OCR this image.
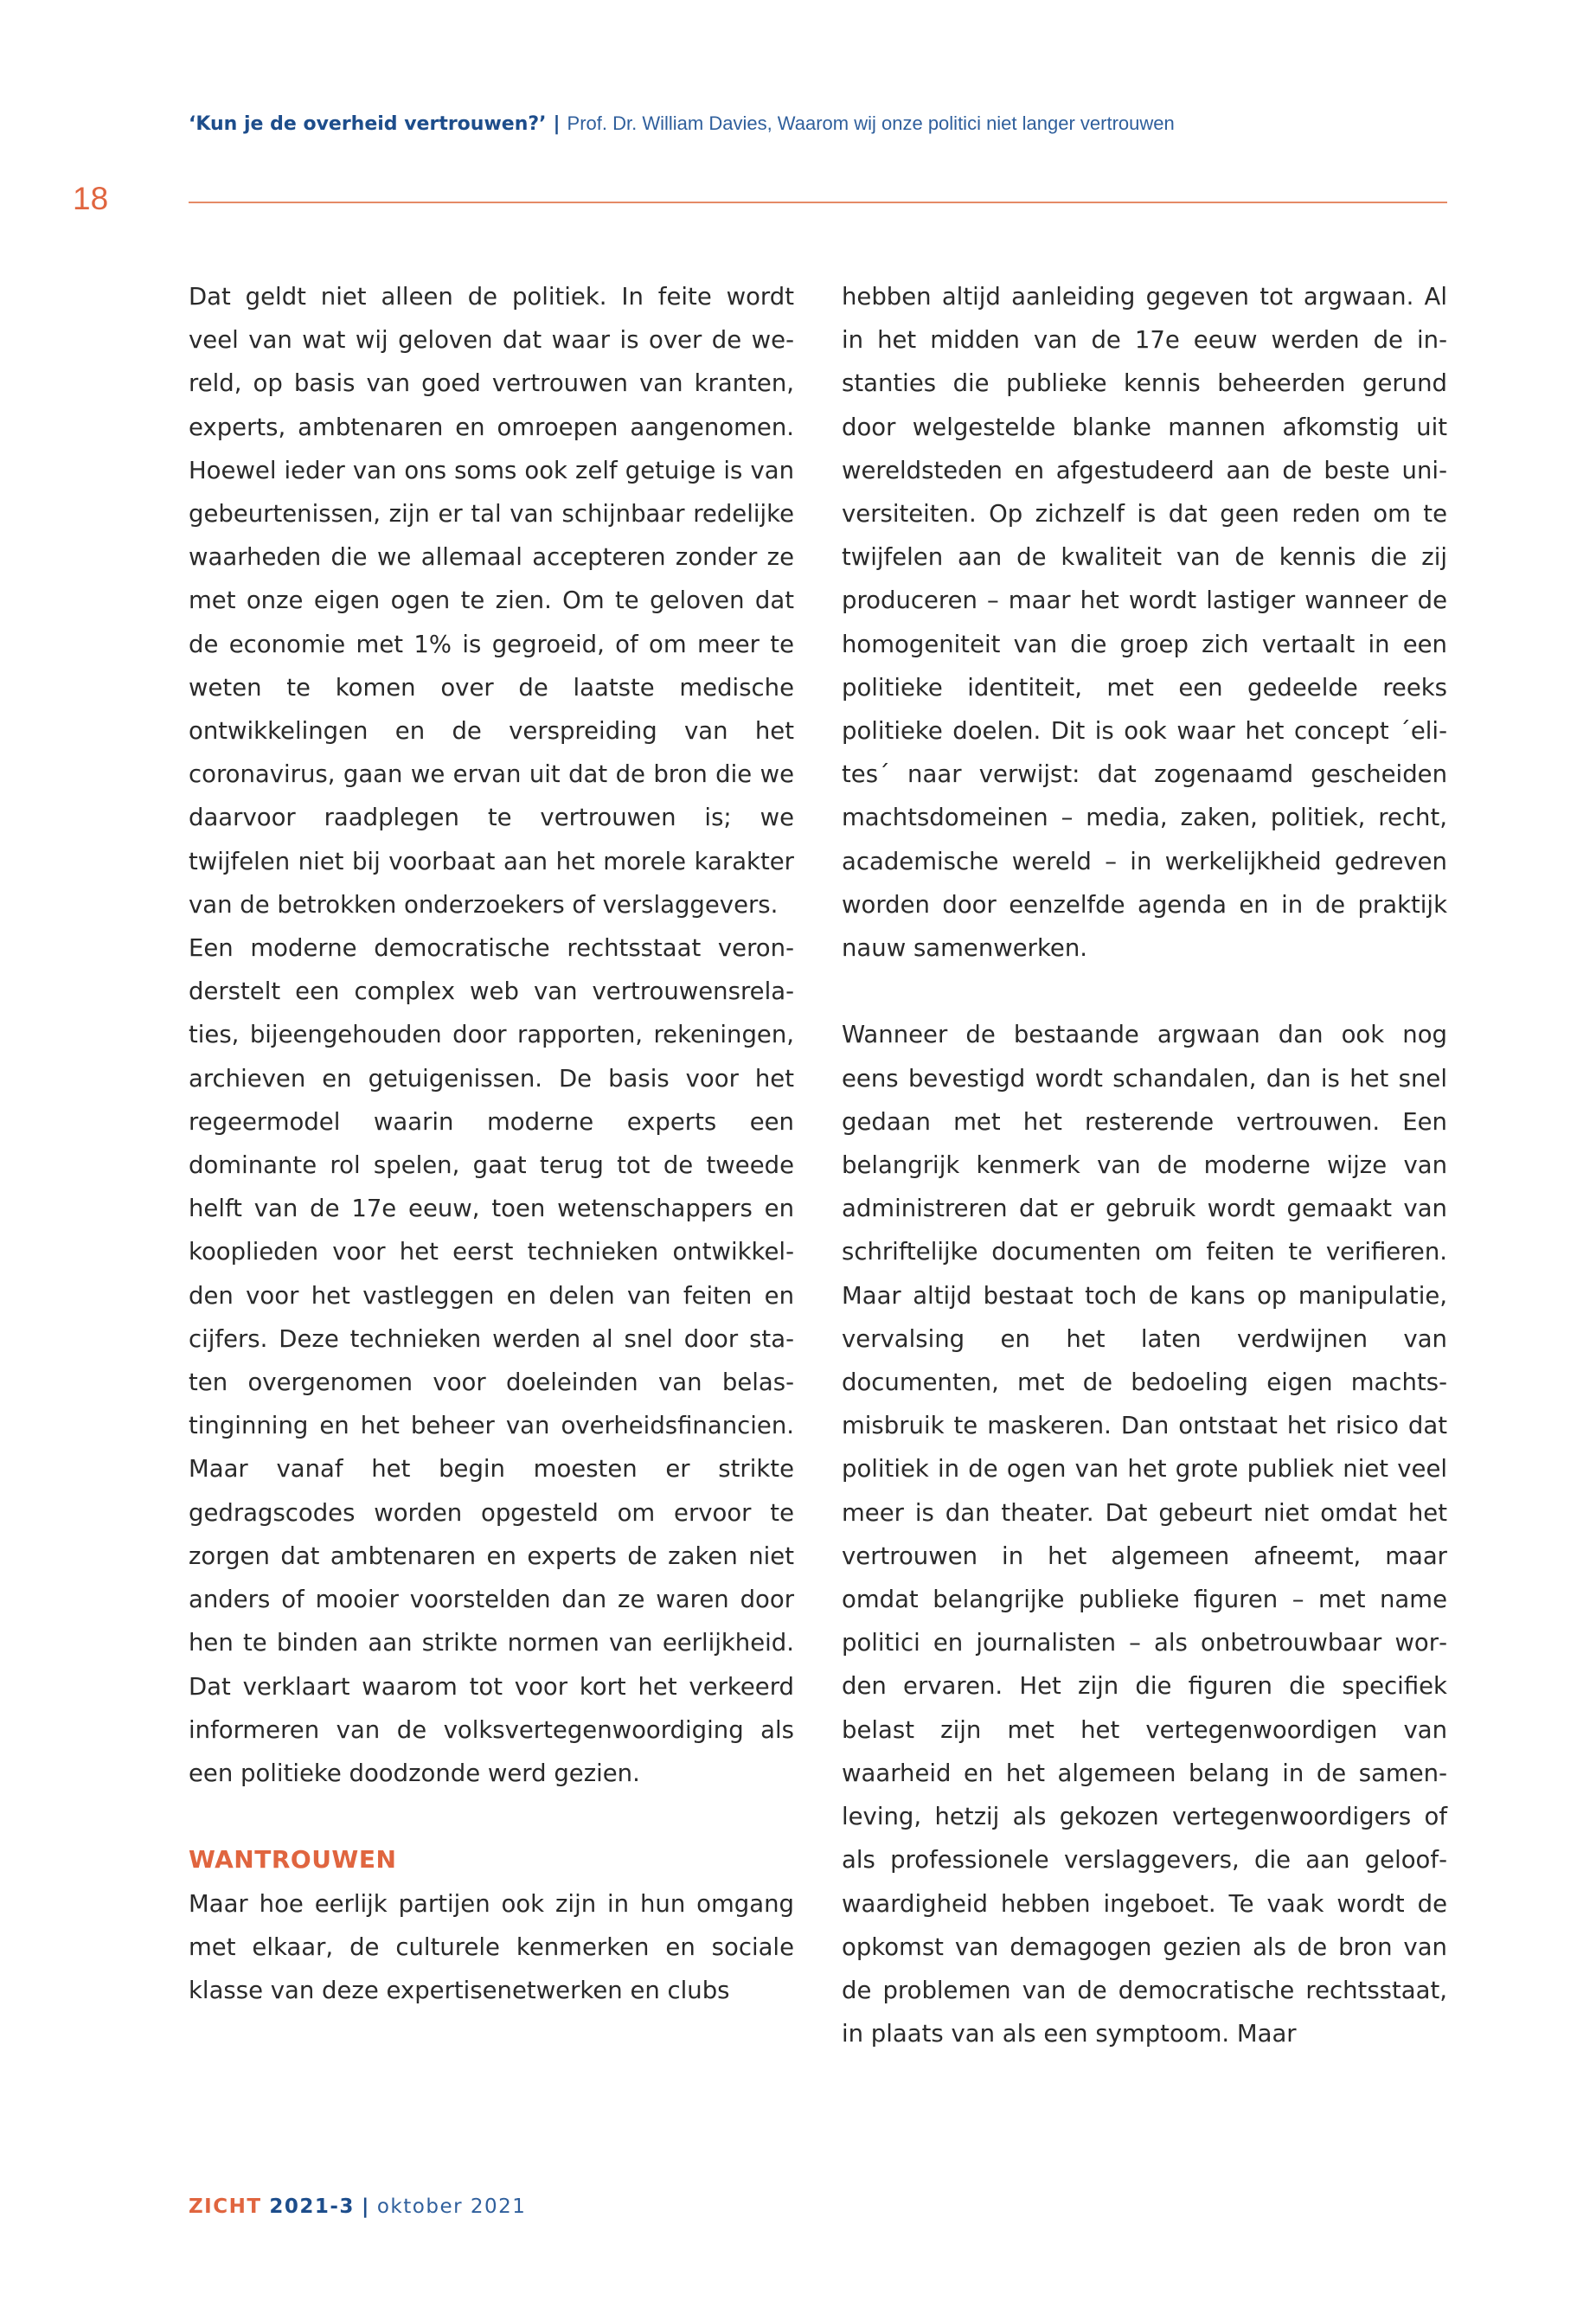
‘Kun je de overheid vertrouwen?’ | Prof. Dr. William Davies, Waarom wij onze politici niet langer vertrouwen
18

Dat geldt niet alleen de politiek. In feite wordt veel van wat wij geloven dat waar is over de wereld, op basis van goed vertrouwen van kranten, experts, ambtenaren en omroepen aangenomen. Hoewel ieder van ons soms ook zelf getuige is van gebeurtenissen, zijn er tal van schijnbaar redelijke waarheden die we allemaal accepteren zonder ze met onze eigen ogen te zien. Om te geloven dat de economie met 1% is gegroeid, of om meer te weten te komen over de laatste medische ontwikkelingen en de verspreiding van het coronavirus, gaan we ervan uit dat de bron die we daarvoor raadplegen te vertrouwen is; we twijfelen niet bij voorbaat aan het morele karakter van de betrokken onderzoekers of verslaggevers.

Een moderne democratische rechtsstaat veronderstelt een complex web van vertrouwensrelaties, bijeengehouden door rapporten, rekeningen, archieven en getuigenissen. De basis voor het regeermodel waarin moderne experts een dominante rol spelen, gaat terug tot de tweede helft van de 17e eeuw, toen wetenschappers en kooplieden voor het eerst technieken ontwikkelden voor het vastleggen en delen van feiten en cijfers. Deze technieken werden al snel door staten overgenomen voor doeleinden van belastinginning en het beheer van overheidsfinancien. Maar vanaf het begin moesten er strikte gedragscodes worden opgesteld om ervoor te zorgen dat ambtenaren en experts de zaken niet anders of mooier voorstelden dan ze waren door hen te binden aan strikte normen van eerlijkheid. Dat verklaart waarom tot voor kort het verkeerd informeren van de volksvertegenwoordiging als een politieke doodzonde werd gezien.

WANTROUWEN

Maar hoe eerlijk partijen ook zijn in hun omgang met elkaar, de culturele kenmerken en sociale klasse van deze expertisenetwerken en clubs

hebben altijd aanleiding gegeven tot argwaan. Al in het midden van de 17e eeuw werden de instanties die publieke kennis beheerden gerund door welgestelde blanke mannen afkomstig uit wereldsteden en afgestudeerd aan de beste universiteiten. Op zichzelf is dat geen reden om te twijfelen aan de kwaliteit van de kennis die zij produceren – maar het wordt lastiger wanneer de homogeniteit van die groep zich vertaalt in een politieke identiteit, met een gedeelde reeks politieke doelen. Dit is ook waar het concept ´elites´ naar verwijst: dat zogenaamd gescheiden machtsdomeinen – media, zaken, politiek, recht, academische wereld – in werkelijkheid gedreven worden door eenzelfde agenda en in de praktijk nauw samenwerken.

Wanneer de bestaande argwaan dan ook nog eens bevestigd wordt schandalen, dan is het snel gedaan met het resterende vertrouwen. Een belangrijk kenmerk van de moderne wijze van administreren dat er gebruik wordt gemaakt van schriftelijke documenten om feiten te verifieren. Maar altijd bestaat toch de kans op manipulatie, vervalsing en het laten verdwijnen van documenten, met de bedoeling eigen machtsmisbruik te maskeren. Dan ontstaat het risico dat politiek in de ogen van het grote publiek niet veel meer is dan theater. Dat gebeurt niet omdat het vertrouwen in het algemeen afneemt, maar omdat belangrijke publieke figuren – met name politici en journalisten – als onbetrouwbaar worden ervaren. Het zijn die figuren die specifiek belast zijn met het vertegenwoordigen van waarheid en het algemeen belang in de samenleving, hetzij als gekozen vertegenwoordigers of als professionele verslaggevers, die aan geloofwaardigheid hebben ingeboet. Te vaak wordt de opkomst van demagogen gezien als de bron van de problemen van de democratische rechtsstaat, in plaats van als een symptoom. Maar

ZICHT 2021-3 | oktober 2021
